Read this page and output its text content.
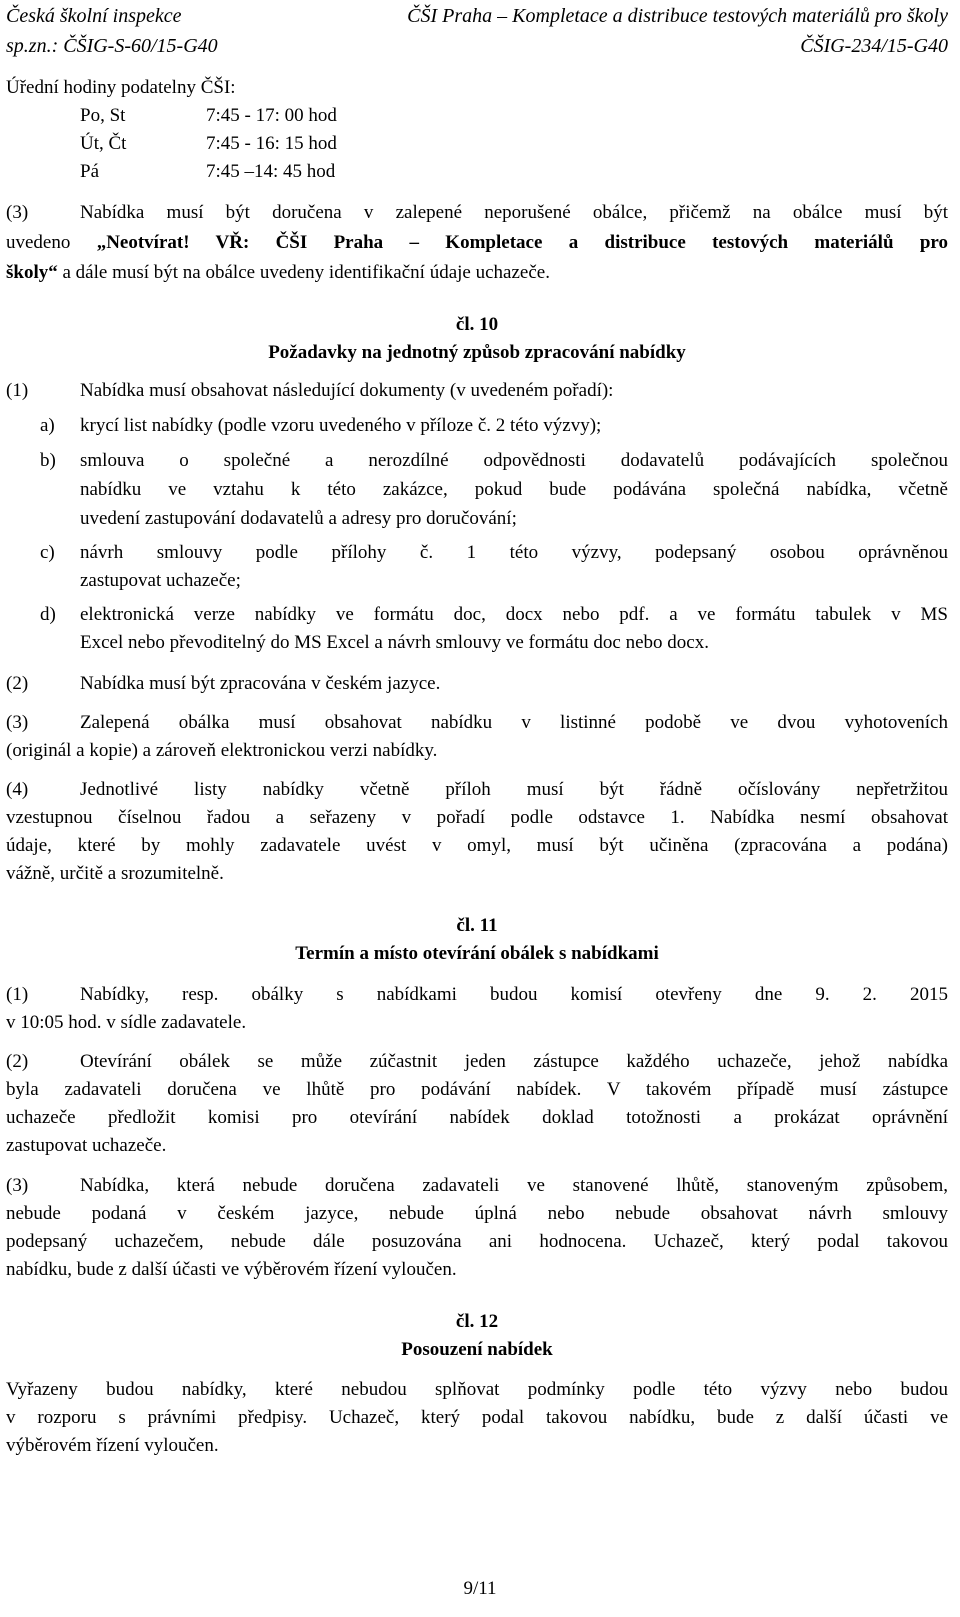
Česká školní inspekce	ČŠI Praha – Kompletace a distribuce testových materiálů pro školy
sp.zn.: ČŠIG-S-60/15-G40	ČŠIG-234/15-G40
Úřední hodiny podatelny ČŠI:
Po, St	7:45 - 17: 00 hod
Út, Čt	7:45 - 16: 15 hod
Pá	7:45 –14: 45 hod
(3)	Nabídka musí být doručena v zalepené neporušené obálce, přičemž na obálce musí být
uvedeno „Neotvírat! VŘ: ČŠI Praha – Kompletace a distribuce testových materiálů pro
školy“ a dále musí být na obálce uvedeny identifikační údaje uchazeče.
čl. 10
Požadavky na jednotný způsob zpracování nabídky
(1)	Nabídka musí obsahovat následující dokumenty (v uvedeném pořadí):
a) krycí list nabídky (podle vzoru uvedeného v příloze č. 2 této výzvy);
b) smlouva o společné a nerozdílné odpovědnosti dodavatelů podávajících společnou
nabídku ve vztahu k této zakázce, pokud bude podávána společná nabídka, včetně
uvedení zastupování dodavatelů a adresy pro doručování;
c) návrh smlouvy podle přílohy č. 1 této výzvy, podepsaný osobou oprávněnou
zastupovat uchazeče;
d) elektronická verze nabídky ve formátu doc, docx nebo pdf. a ve formátu tabulek v MS
Excel nebo převoditelný do MS Excel a návrh smlouvy ve formátu doc nebo docx.
(2)	Nabídka musí být zpracována v českém jazyce.
(3)	Zalepená obálka musí obsahovat nabídku v listinné podobě ve dvou vyhotoveních
(originál a kopie) a zároveň elektronickou verzi nabídky.
(4)	Jednotlivé listy nabídky včetně příloh musí být řádně očíslovány nepřetržitou
vzestupnou číselnou řadou a seřazeny v pořadí podle odstavce 1. Nabídka nesmí obsahovat
údaje, které by mohly zadavatele uvést v omyl, musí být učiněna (zpracována a podána)
vážně, určitě a srozumitelně.
čl. 11
Termín a místo otevírání obálek s nabídkami
(1)	Nabídky, resp. obálky s nabídkami budou komisí otevřeny dne 9. 2. 2015
v 10:05 hod. v sídle zadavatele.
(2)	Otevírání obálek se může zúčastnit jeden zástupce každého uchazeče, jehož nabídka
byla zadavateli doručena ve lhůtě pro podávání nabídek. V takovém případě musí zástupce
uchazeče předložit komisi pro otevírání nabídek doklad totožnosti a prokázat oprávnění
zastupovat uchazeče.
(3)	Nabídka, která nebude doručena zadavateli ve stanovené lhůtě, stanoveným způsobem,
nebude podaná v českém jazyce, nebude úplná nebo nebude obsahovat návrh smlouvy
podepsaný uchazečem, nebude dále posuzována ani hodnocena. Uchazeč, který podal takovou
nabídku, bude z další účasti ve výběrovém řízení vyloučen.
čl. 12
Posouzení nabídek
Vyřazeny budou nabídky, které nebudou splňovat podmínky podle této výzvy nebo budou
v rozporu s právními předpisy. Uchazeč, který podal takovou nabídku, bude z další účasti ve
výběrovém řízení vyloučen.
9/11
